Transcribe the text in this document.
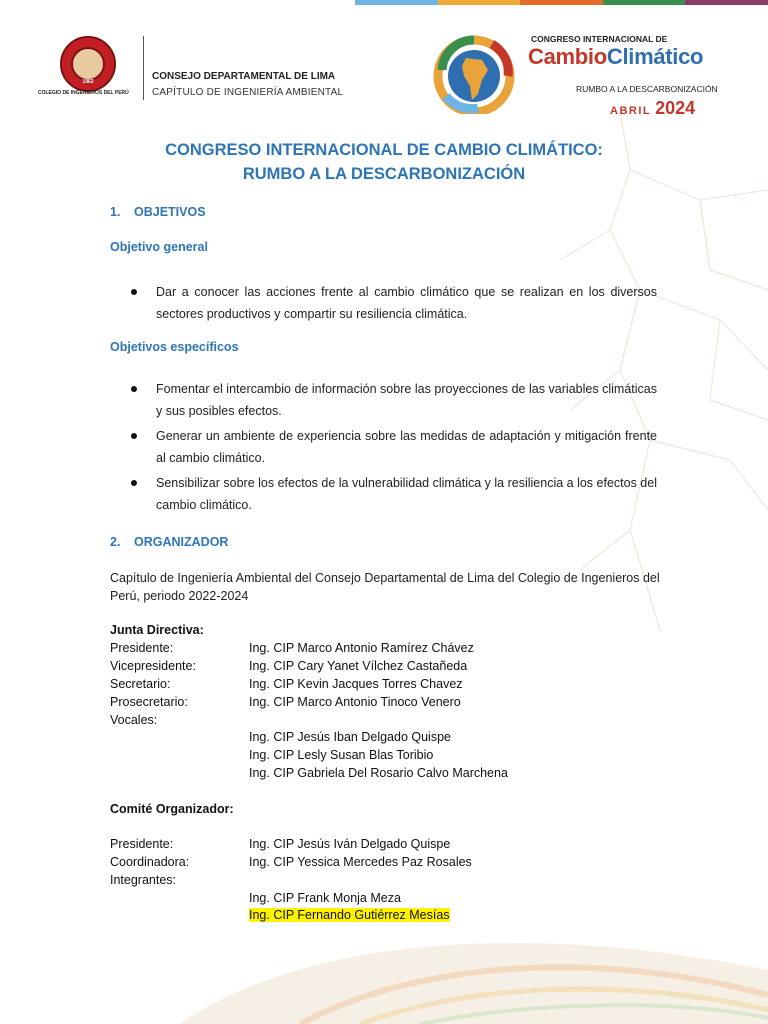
1962
COLEGIO DE INGENIEROS DEL PERÚ
CONSEJO DEPARTAMENTAL DE LIMA
CAPÍTULO DE INGENIERÍA AMBIENTAL
CONGRESO INTERNACIONAL DE
CambioClimático
RUMBO A LA DESCARBONIZACIÓN
ABRIL 2024
CONGRESO INTERNACIONAL DE CAMBIO CLIMÁTICO:
RUMBO A LA DESCARBONIZACIÓN
1. OBJETIVOS
Objetivo general
Dar a conocer las acciones frente al cambio climático que se realizan en los diversos sectores productivos y compartir su resiliencia climática.
Objetivos específicos
Fomentar el intercambio de información sobre las proyecciones de las variables climáticas y sus posibles efectos.
Generar un ambiente de experiencia sobre las medidas de adaptación y mitigación frente al cambio climático.
Sensibilizar sobre los efectos de la vulnerabilidad climática y la resiliencia a los efectos del cambio climático.
2. ORGANIZADOR
Capítulo de Ingeniería Ambiental del Consejo Departamental de Lima del Colegio de Ingenieros del Perú, periodo 2022-2024
Junta Directiva:
Presidente:	Ing. CIP Marco Antonio Ramírez Chávez
Vicepresidente:	Ing. CIP Cary Yanet Vílchez Castañeda
Secretario:	Ing. CIP Kevin Jacques Torres Chavez
Prosecretario:	Ing. CIP Marco Antonio Tinoco Venero
Vocales:
Ing. CIP Jesús Iban Delgado Quispe
Ing. CIP Lesly Susan Blas Toribio
Ing. CIP Gabriela Del Rosario Calvo Marchena
Comité Organizador:
Presidente:	Ing. CIP Jesús Iván Delgado Quispe
Coordinadora:	Ing. CIP Yessica Mercedes Paz Rosales
Integrantes:
Ing. CIP Frank Monja Meza
Ing. CIP Fernando Gutiérrez Mesías
